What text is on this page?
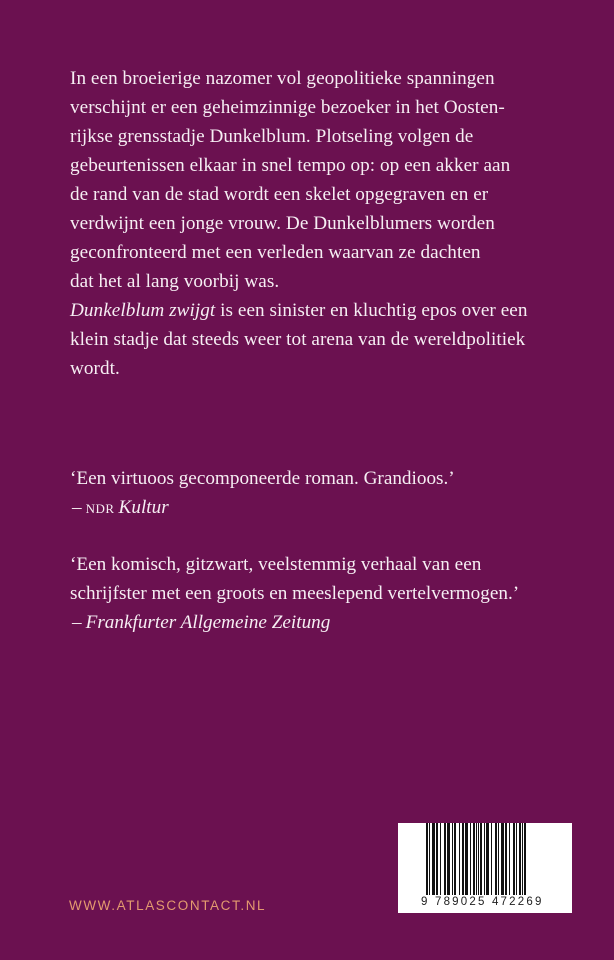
In een broeierige nazomer vol geopolitieke spanningen
verschijnt er een geheimzinnige bezoeker in het Oosten-
rijkse grensstadje Dunkelblum. Plotseling volgen de
gebeurtenissen elkaar in snel tempo op: op een akker aan
de rand van de stad wordt een skelet opgegraven en er
verdwijnt een jonge vrouw. De Dunkelblumers worden
geconfronteerd met een verleden waarvan ze dachten
dat het al lang voorbij was.
Dunkelblum zwijgt is een sinister en kluchtig epos over een
klein stadje dat steeds weer tot arena van de wereldpolitiek
wordt.
‘Een virtuoos gecomponeerde roman. Grandioos.’
– ndr Kultur
‘Een komisch, gitzwart, veelstemmig verhaal van een
schrijfster met een groots en meeslepend vertelvermogen.’
– Frankfurter Allgemeine Zeitung
WWW.ATLASCONTACT.NL	9 789025 472269
